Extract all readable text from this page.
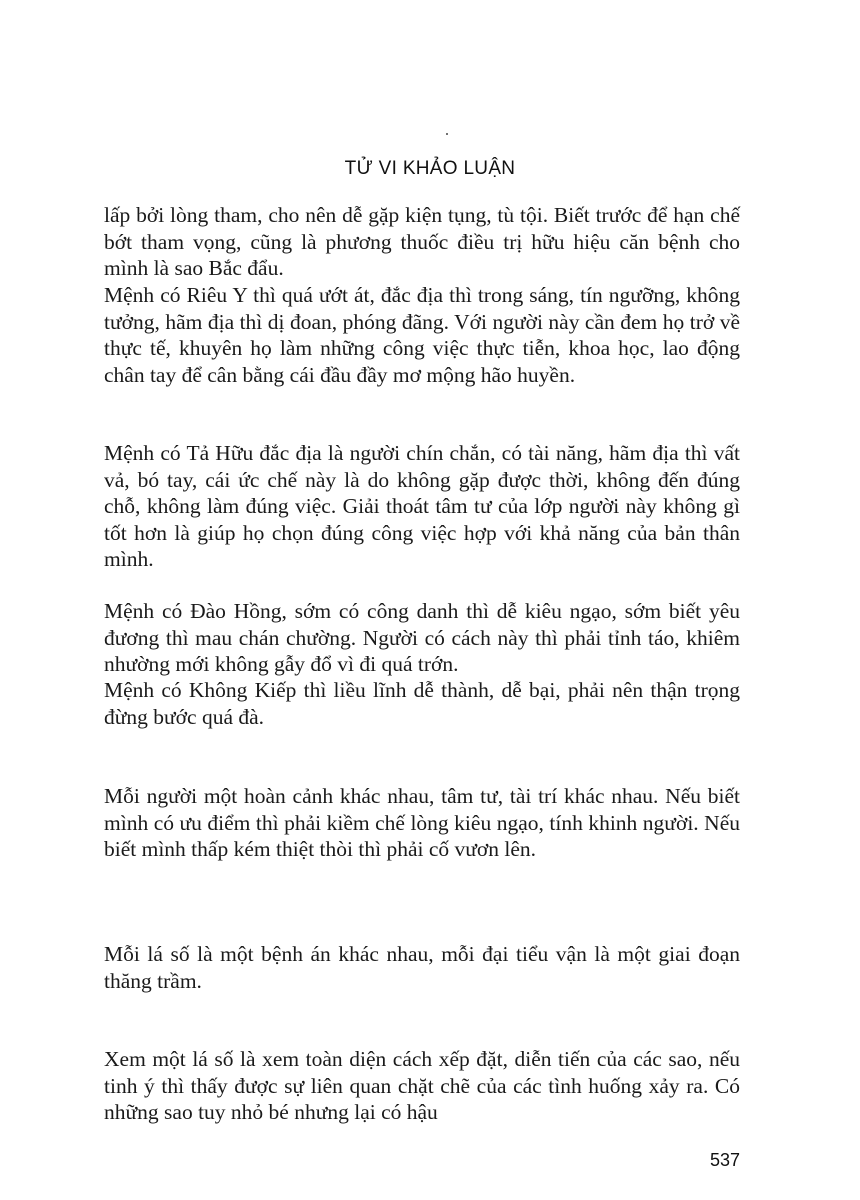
TỬ VI KHẢO LUẬN

lấp bởi lòng tham, cho nên dễ gặp kiện tụng, tù tội. Biết trước để hạn chế bớt tham vọng, cũng là phương thuốc điều trị hữu hiệu căn bệnh cho mình là sao Bắc đẩu.

Mệnh có Riêu Y thì quá ướt át, đắc địa thì trong sáng, tín ngưỡng, không tưởng, hãm địa thì dị đoan, phóng đãng. Với người này cần đem họ trở về thực tế, khuyên họ làm những công việc thực tiễn, khoa học, lao động chân tay để cân bằng cái đầu đầy mơ mộng hão huyền.

Mệnh có Tả Hữu đắc địa là người chín chắn, có tài năng, hãm địa thì vất vả, bó tay, cái ức chế này là do không gặp được thời, không đến đúng chỗ, không làm đúng việc. Giải thoát tâm tư của lớp người này không gì tốt hơn là giúp họ chọn đúng công việc hợp với khả năng của bản thân mình.

Mệnh có Đào Hồng, sớm có công danh thì dễ kiêu ngạo, sớm biết yêu đương thì mau chán chường. Người có cách này thì phải tỉnh táo, khiêm nhường mới không gẫy đổ vì đi quá trớn.

Mệnh có Không Kiếp thì liều lĩnh dễ thành, dễ bại, phải nên thận trọng đừng bước quá đà.

Mỗi người một hoàn cảnh khác nhau, tâm tư, tài trí khác nhau. Nếu biết mình có ưu điểm thì phải kiềm chế lòng kiêu ngạo, tính khinh người. Nếu biết mình thấp kém thiệt thòi thì phải cố vươn lên.

Mỗi lá số là một bệnh án khác nhau, mỗi đại tiểu vận là một giai đoạn thăng trầm.

Xem một lá số là xem toàn diện cách xếp đặt, diễn tiến của các sao, nếu tinh ý thì thấy được sự liên quan chặt chẽ của các tình huống xảy ra. Có những sao tuy nhỏ bé nhưng lại có hậu

537
